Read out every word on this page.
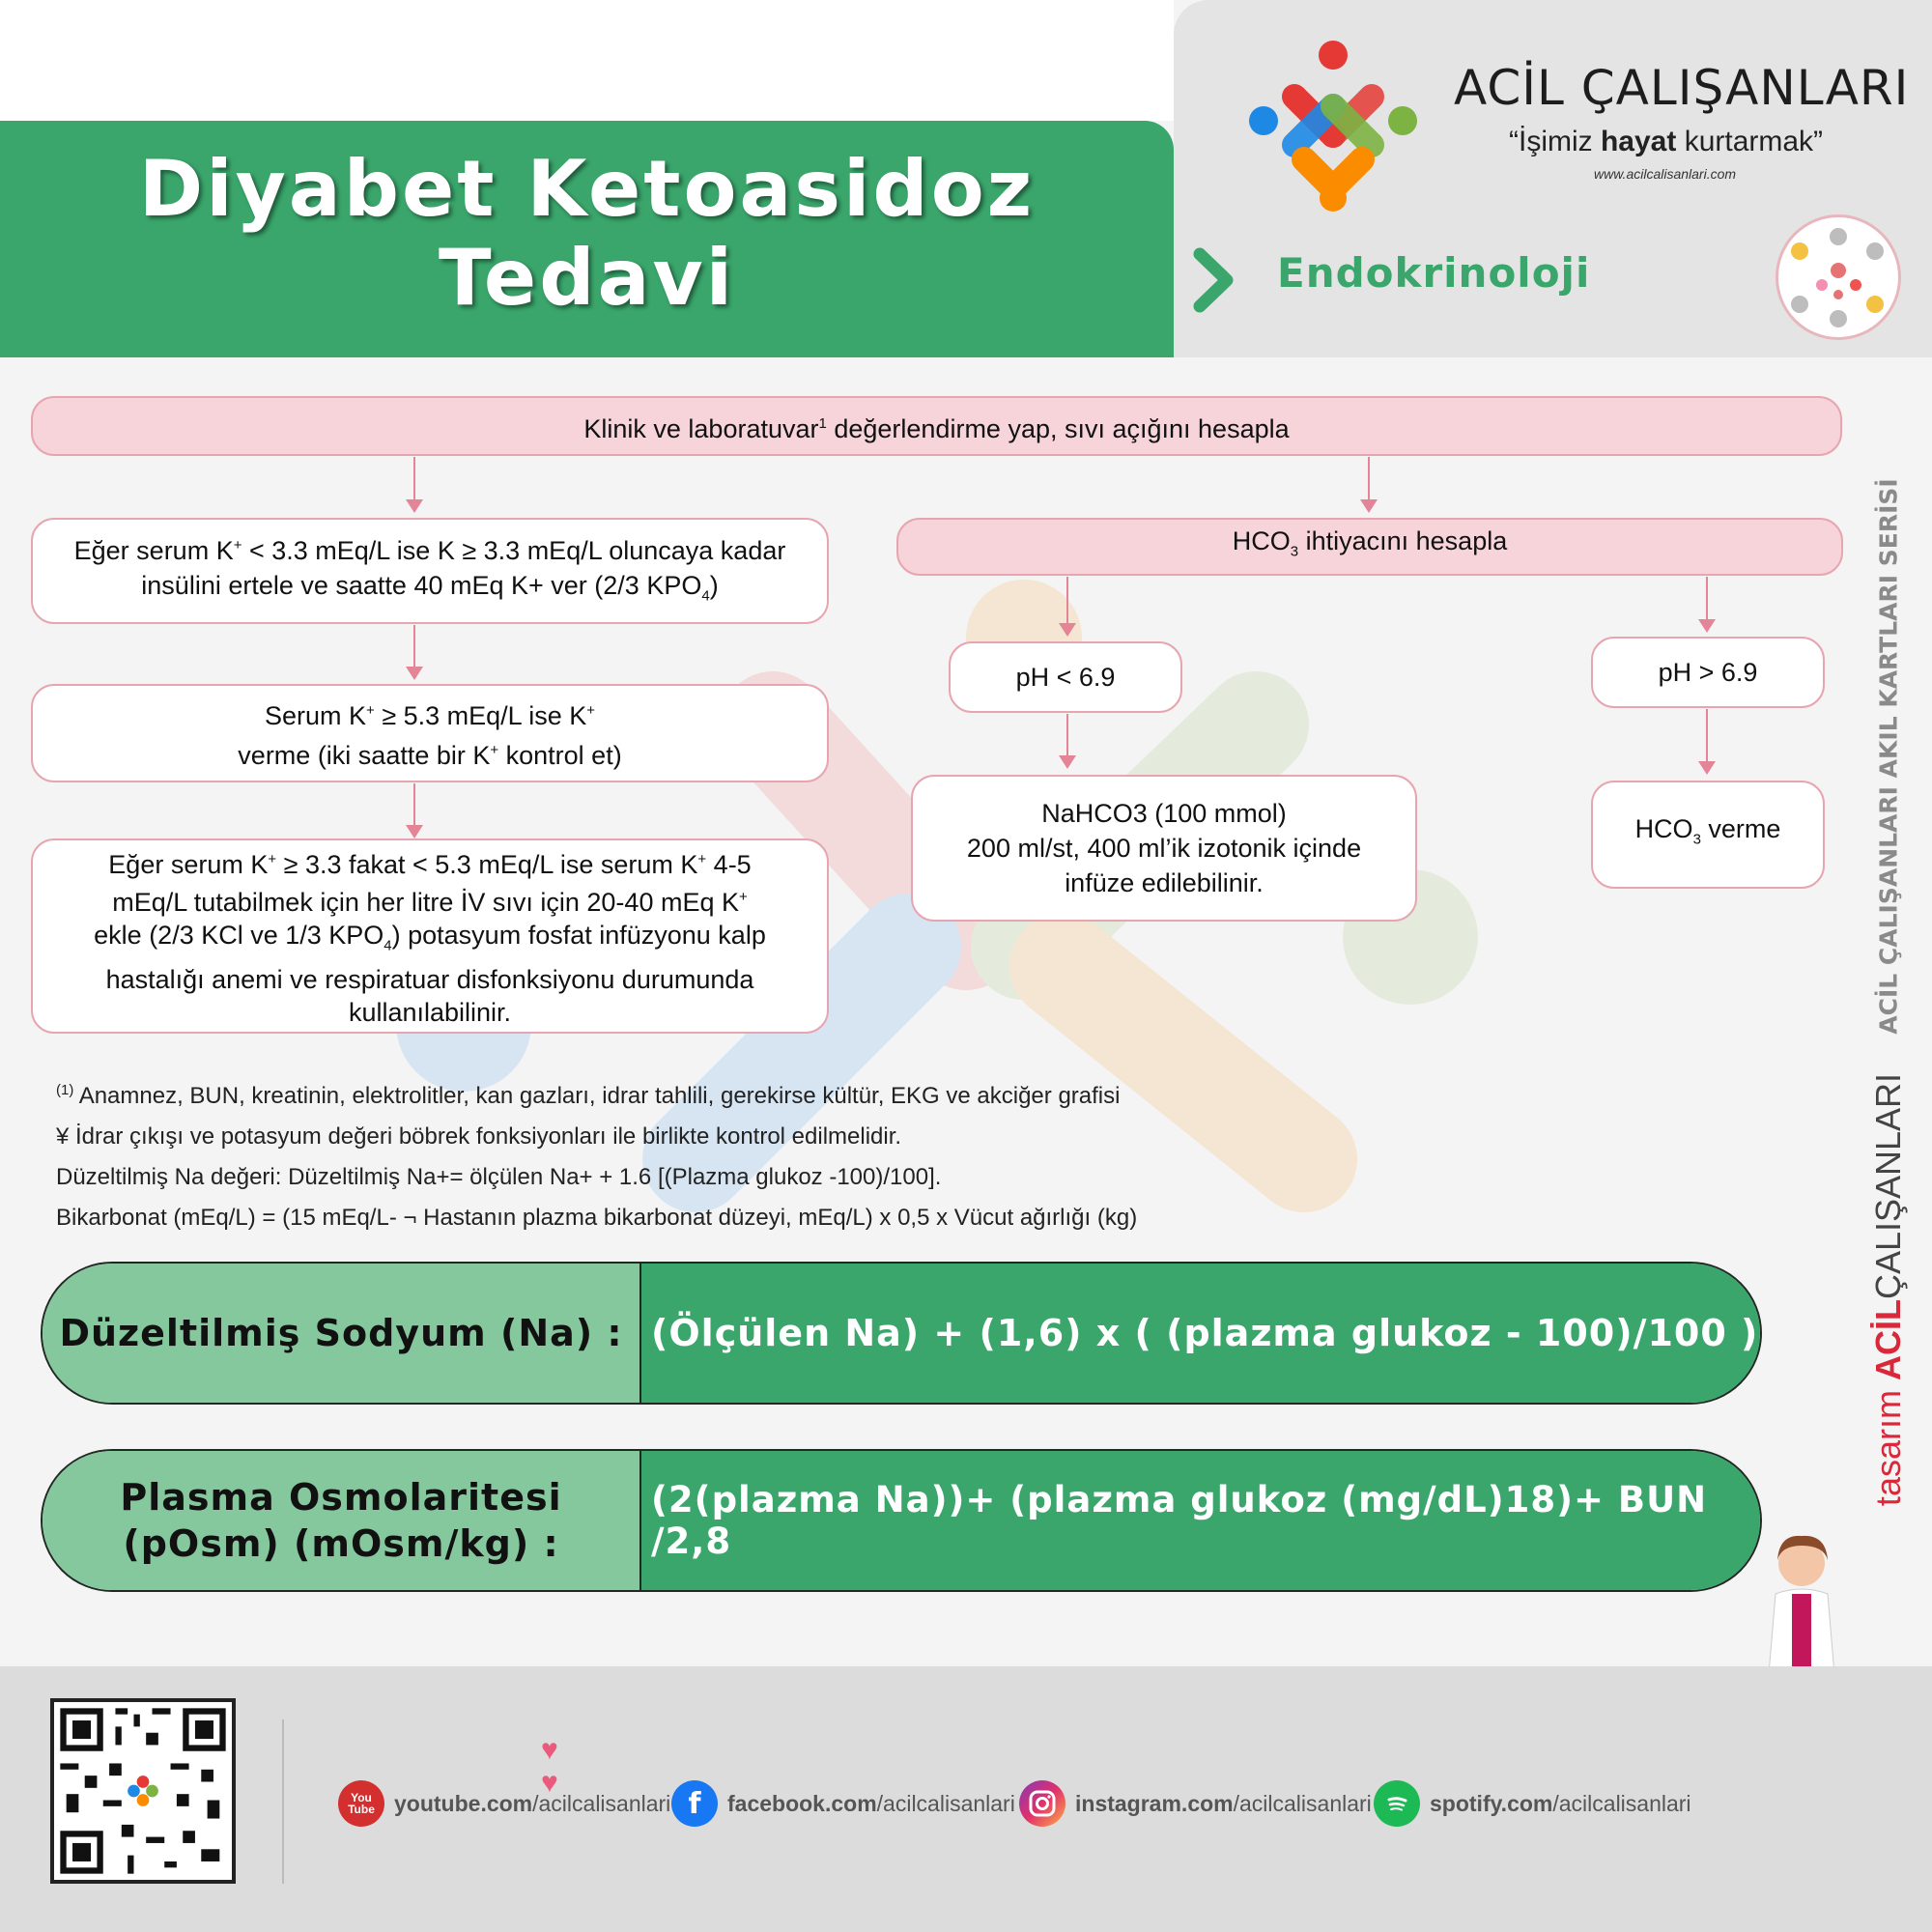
Diyabet Ketoasidoz
Tedavi
ACİL ÇALIŞANLARI
“İşimiz hayat kurtarmak”
www.acilcalisanlari.com
Endokrinoloji
Klinik ve laboratuvar$^1$ değerlendirme yap, sıvı açığını hesapla
Eğer serum K+ < 3.3 mEq/L ise K ≥ 3.3 mEq/L oluncaya kadar
insülini ertele ve saatte 40 mEq K+ ver (2/3 $KPO_4$)
Serum K+ ≥ 5.3 mEq/L ise K+
verme (iki saatte bir K+ kontrol et)
Eğer serum K+ ≥ 3.3 fakat < 5.3 mEq/L ise serum K+ 4-5
mEq/L tutabilmek için her litre İV sıvı için 20-40 mEq K+
ekle (2/3 KCl ve 1/3 $KPO_4$) potasyum fosfat infüzyonu kalp
hastalığı anemi ve respiratuar disfonksiyonu durumunda
kullanılabilinir.
$HCO_3$ ihtiyacını hesapla
pH < 6.9	pH > 6.9
NaHCO3 (100 mmol)
200 ml/st, 400 ml’ik izotonik içinde
infüze edilebilinir.
$HCO_3$ verme
$^{(1)}$ Anamnez, BUN, kreatinin, elektrolitler, kan gazları, idrar tahlili, gerekirse kültür, EKG ve akciğer grafisi
¥ İdrar çıkışı ve potasyum değeri böbrek fonksiyonları ile birlikte kontrol edilmelidir.
Düzeltilmiş Na değeri: Düzeltilmiş Na+= ölçülen Na+ + 1.6 [(Plazma glukoz -100)/100].
Bikarbonat (mEq/L) = (15 mEq/L- ¬ Hastanın plazma bikarbonat düzeyi, mEq/L) x 0,5 x Vücut ağırlığı (kg)
Düzeltilmiş Sodyum (Na) : (Ölçülen Na) + (1,6) x ( (plazma glukoz - 100)/100 )
Plasma Osmolaritesi
(pOsm) (mOsm/kg) :
(2(plazma Na))+ (plazma glukoz (mg/dL)18)+ BUN /2,8
ACİL ÇALIŞANLARI AKIL KARTLARI SERİSİ
tasarım ACİLÇALIŞANLARI
♥
♥
You Tube youtube.com/acilcalisanlari f	facebook.com/acilcalisanlari	instagram.com/acilcalisanlari	spotify.com/acilcalisanlari
